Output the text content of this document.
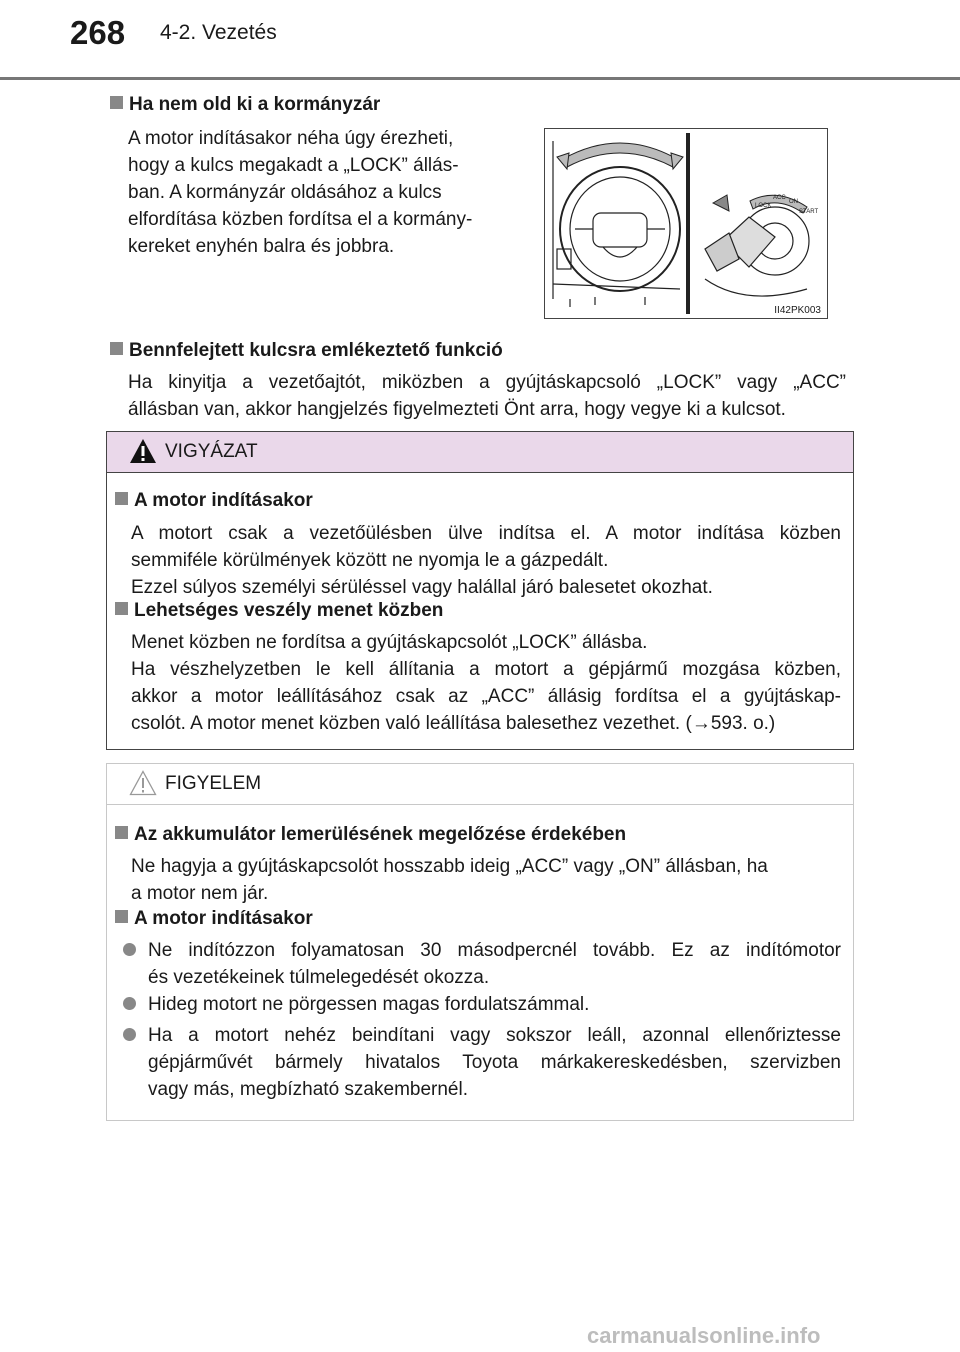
268 4-2. Vezetés
Ha nem old ki a kormányzár
A motor indításakor néha úgy érezheti,
hogy a kulcs megakadt a „LOCK” állás-
ban. A kormányzár oldásához a kulcs
elfordítása közben fordítsa el a kormány-
kereket enyhén balra és jobbra.
LOCK
ACC
ON
START
II42PK003
Bennfelejtett kulcsra emlékeztető funkció
Ha kinyitja a vezetőajtót, miközben a gyújtáskapcsoló „LOCK” vagy „ACC”
állásban van, akkor hangjelzés figyelmezteti Önt arra, hogy vegye ki a kulcsot.
VIGYÁZAT
A motor indításakor
A motort csak a vezetőülésben ülve indítsa el. A motor indítása közben
semmiféle körülmények között ne nyomja le a gázpedált.
Ezzel súlyos személyi sérüléssel vagy halállal járó balesetet okozhat.
Lehetséges veszély menet közben
Menet közben ne fordítsa a gyújtáskapcsolót „LOCK” állásba.
Ha vészhelyzetben le kell állítania a motort a gépjármű mozgása közben,
akkor a motor leállításához csak az „ACC” állásig fordítsa el a gyújtáskap-
csolót. A motor menet közben való leállítása balesethez vezethet. (→593. o.)
FIGYELEM
Az akkumulátor lemerülésének megelőzése érdekében
Ne hagyja a gyújtáskapcsolót hosszabb ideig „ACC” vagy „ON” állásban, ha
a motor nem jár.
A motor indításakor
Ne indítózzon folyamatosan 30 másodpercnél tovább. Ez az indítómotor
és vezetékeinek túlmelegedését okozza.
Hideg motort ne pörgessen magas fordulatszámmal.
Ha a motort nehéz beindítani vagy sokszor leáll, azonnal ellenőriztesse
gépjárművét bármely hivatalos Toyota márkakereskedésben, szervizben
vagy más, megbízható szakembernél.
carmanualsonline.info
